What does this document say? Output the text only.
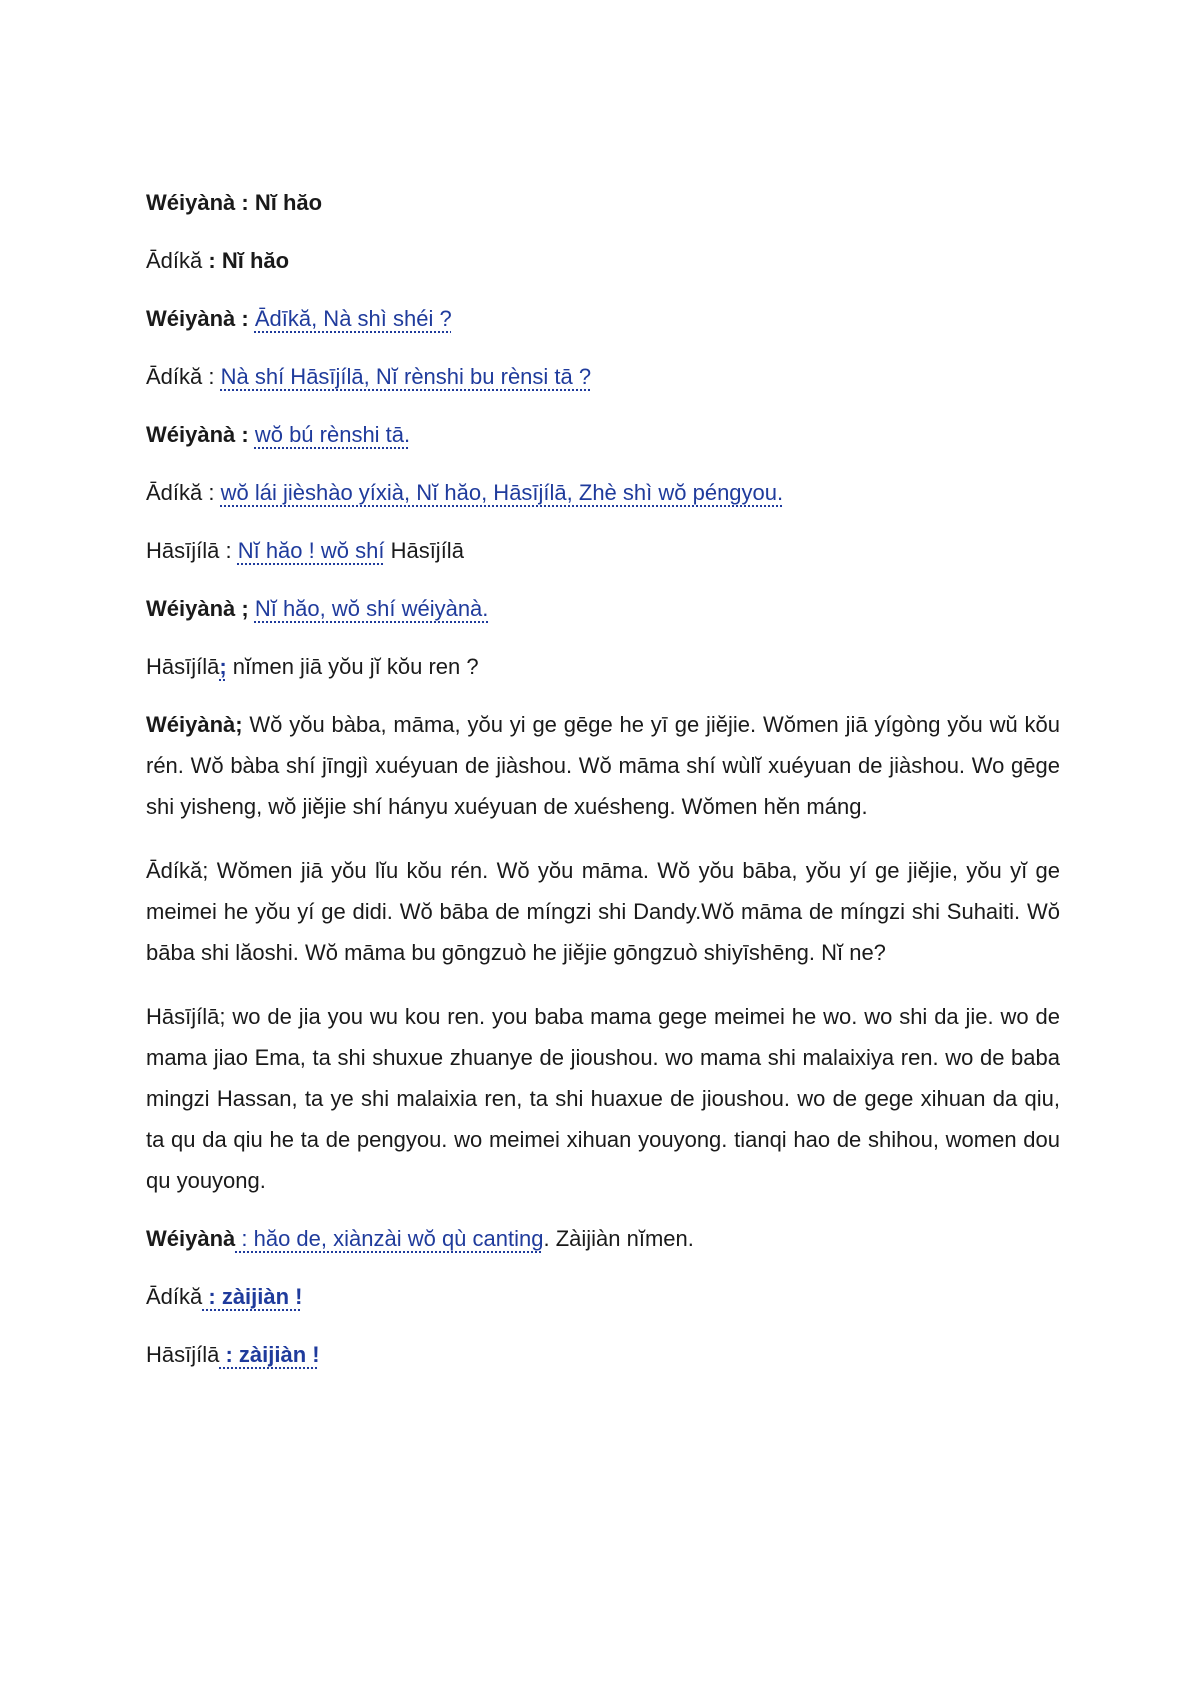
Wéiyànà : Nĭ hăo
Ādíkă : Nĭ hăo
Wéiyànà : Ādīkă, Nà shì shéi ?
Ādíkă : Nà shí Hāsījílā, Nĭ rènshi bu rènsi tā ?
Wéiyànà : wŏ bú rènshi tā.
Ādíkă : wŏ lái jièshào yíxià, Nĭ hăo, Hāsījílā, Zhè shì wŏ péngyou.
Hāsījílā : Nĭ hăo ! wŏ shí Hāsījílā
Wéiyànà ; Nĭ hăo, wŏ shí wéiyànà.
Hāsījílā; nĭmen jiā yŏu jĭ kŏu ren ?
Wéiyànà; Wŏ yŏu bàba, māma, yŏu yi ge gēge he yī ge jiĕjie. Wŏmen jiā yígòng yŏu wŭ kŏu rén. Wŏ bàba shí jīngjì xuéyuan de jiàshou. Wŏ māma shí wùlĭ xuéyuan de jiàshou. Wo gēge shi yisheng, wŏ jiĕjie shí hányu xuéyuan de xuésheng. Wŏmen hĕn máng.
Ādíkă; Wŏmen jiā yŏu lĭu kŏu rén. Wŏ yŏu māma. Wŏ yŏu bāba, yŏu yí ge jiĕjie, yŏu yĭ ge meimei he yŏu yí ge didi. Wŏ bāba de míngzi shi Dandy.Wŏ māma de míngzi shi Suhaiti. Wŏ bāba shi lăoshi. Wŏ māma bu gōngzuò he jiĕjie gōngzuò shiyīshēng. Nĭ ne?
Hāsījílā; wo de jia you wu kou ren. you baba mama gege meimei he wo. wo shi da jie. wo de mama jiao Ema, ta shi shuxue zhuanye de jioushou. wo mama shi malaixiya ren. wo de baba mingzi Hassan, ta ye shi malaixia ren, ta shi huaxue de jioushou. wo de gege xihuan da qiu, ta qu da qiu he ta de pengyou. wo meimei xihuan youyong. tianqi hao de shihou, women dou qu youyong.
Wéiyànà : hăo de, xiànzài wŏ qù canting. Zàijiàn nĭmen.
Ādíkă : zàijiàn !
Hāsījílā : zàijiàn !
